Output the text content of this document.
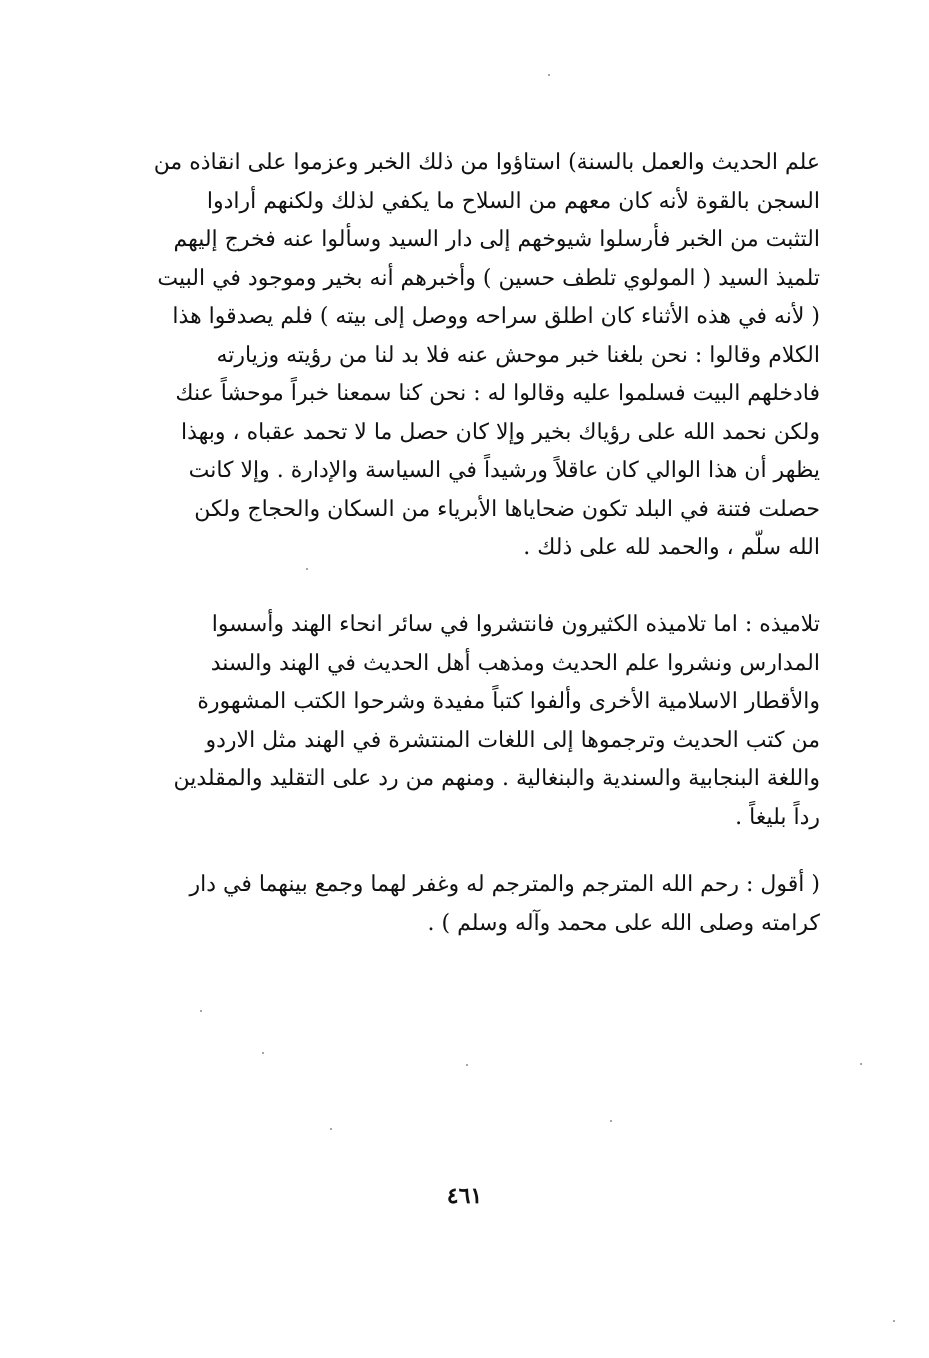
علم الحديث والعمل بالسنة) استاؤوا من ذلك الخبر وعزموا على انقاذه من
السجن بالقوة لأنه كان معهم من السلاح ما يكفي لذلك ولكنهم أرادوا
التثبت من الخبر فأرسلوا شيوخهم إلى دار السيد وسألوا عنه فخرج إليهم
تلميذ السيد ( المولوي تلطف حسين ) وأخبرهم أنه بخير وموجود في البيت
( لأنه في هذه الأثناء كان اطلق سراحه ووصل إلى بيته ) فلم يصدقوا هذا
الكلام وقالوا : نحن بلغنا خبر موحش عنه فلا بد لنا من رؤيته وزيارته
فادخلهم البيت فسلموا عليه وقالوا له : نحن كنا سمعنا خبراً موحشاً عنك
ولكن نحمد الله على رؤياك بخير وإلا كان حصل ما لا تحمد عقباه ، وبهذا
يظهر أن هذا الوالي كان عاقلاً ورشيداً في السياسة والإدارة . وإلا كانت
حصلت فتنة في البلد تكون ضحاياها الأبرياء من السكان والحجاج ولكن
الله سلّم ، والحمد لله على ذلك .
تلاميذه : اما تلاميذه الكثيرون فانتشروا في سائر انحاء الهند وأسسوا
المدارس ونشروا علم الحديث ومذهب أهل الحديث في الهند والسند
والأقطار الاسلامية الأخرى وألفوا كتباً مفيدة وشرحوا الكتب المشهورة
من كتب الحديث وترجموها إلى اللغات المنتشرة في الهند مثل الاردو
واللغة البنجابية والسندية والبنغالية . ومنهم من رد على التقليد والمقلدين
رداً بليغاً .
( أقول : رحم الله المترجم والمترجم له وغفر لهما وجمع بينهما في دار
كرامته وصلى الله على محمد وآله وسلم ) .
٤٦١
